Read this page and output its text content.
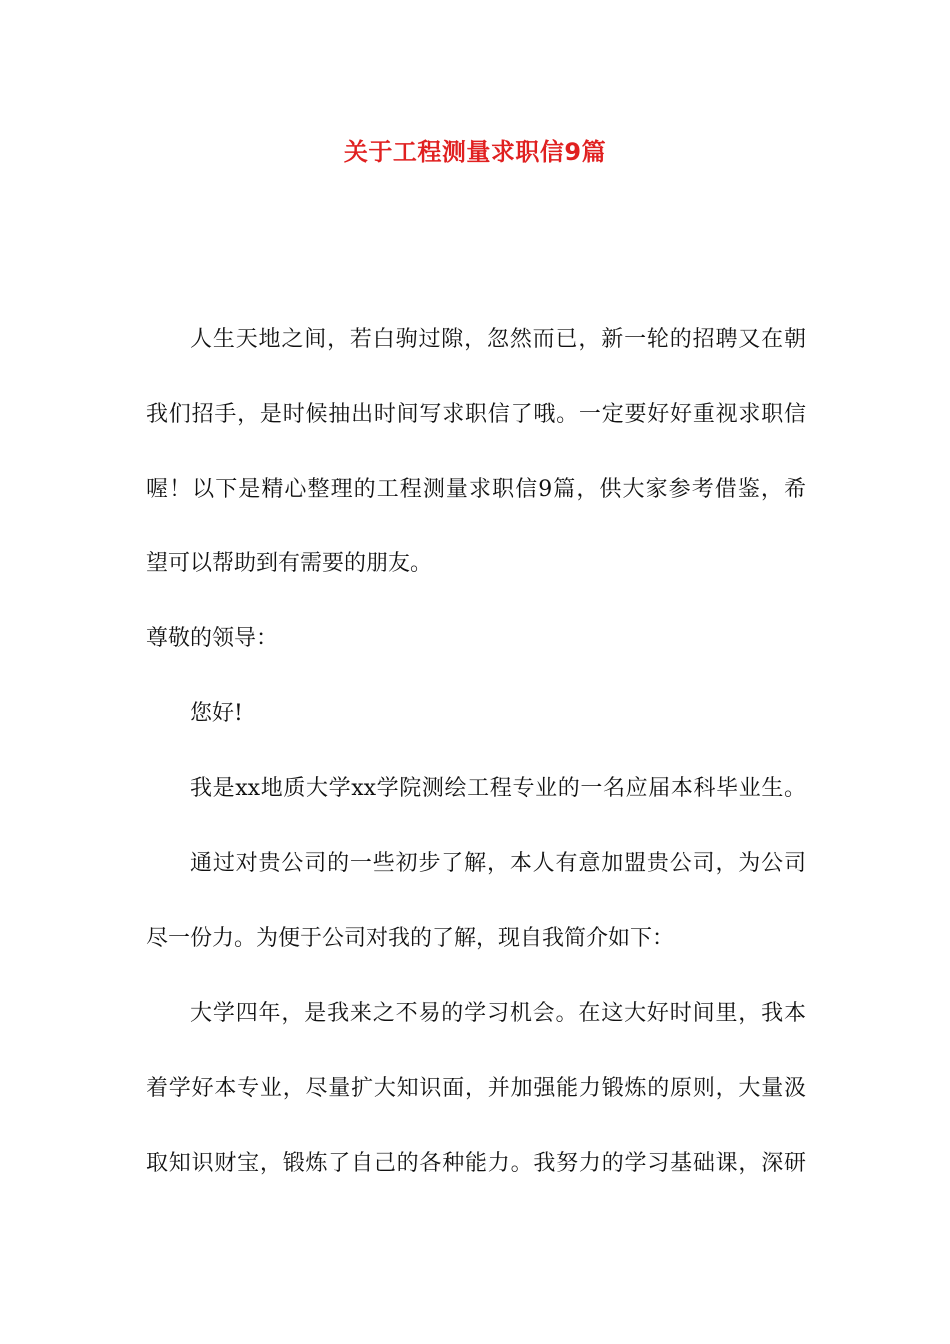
关于工程测量求职信9篇
人生天地之间，若白驹过隙，忽然而已，新一轮的招聘又在朝
我们招手，是时候抽出时间写求职信了哦。一定要好好重视求职信
喔！以下是精心整理的工程测量求职信9篇，供大家参考借鉴，希
望可以帮助到有需要的朋友。
尊敬的领导：
您好!
我是xx地质大学xx学院测绘工程专业的一名应届本科毕业生。
通过对贵公司的一些初步了解，本人有意加盟贵公司，为公司
尽一份力。为便于公司对我的了解，现自我简介如下：
大学四年，是我来之不易的学习机会。在这大好时间里，我本
着学好本专业，尽量扩大知识面，并加强能力锻炼的原则，大量汲
取知识财宝，锻炼了自己的各种能力。我努力的学习基础课，深研
